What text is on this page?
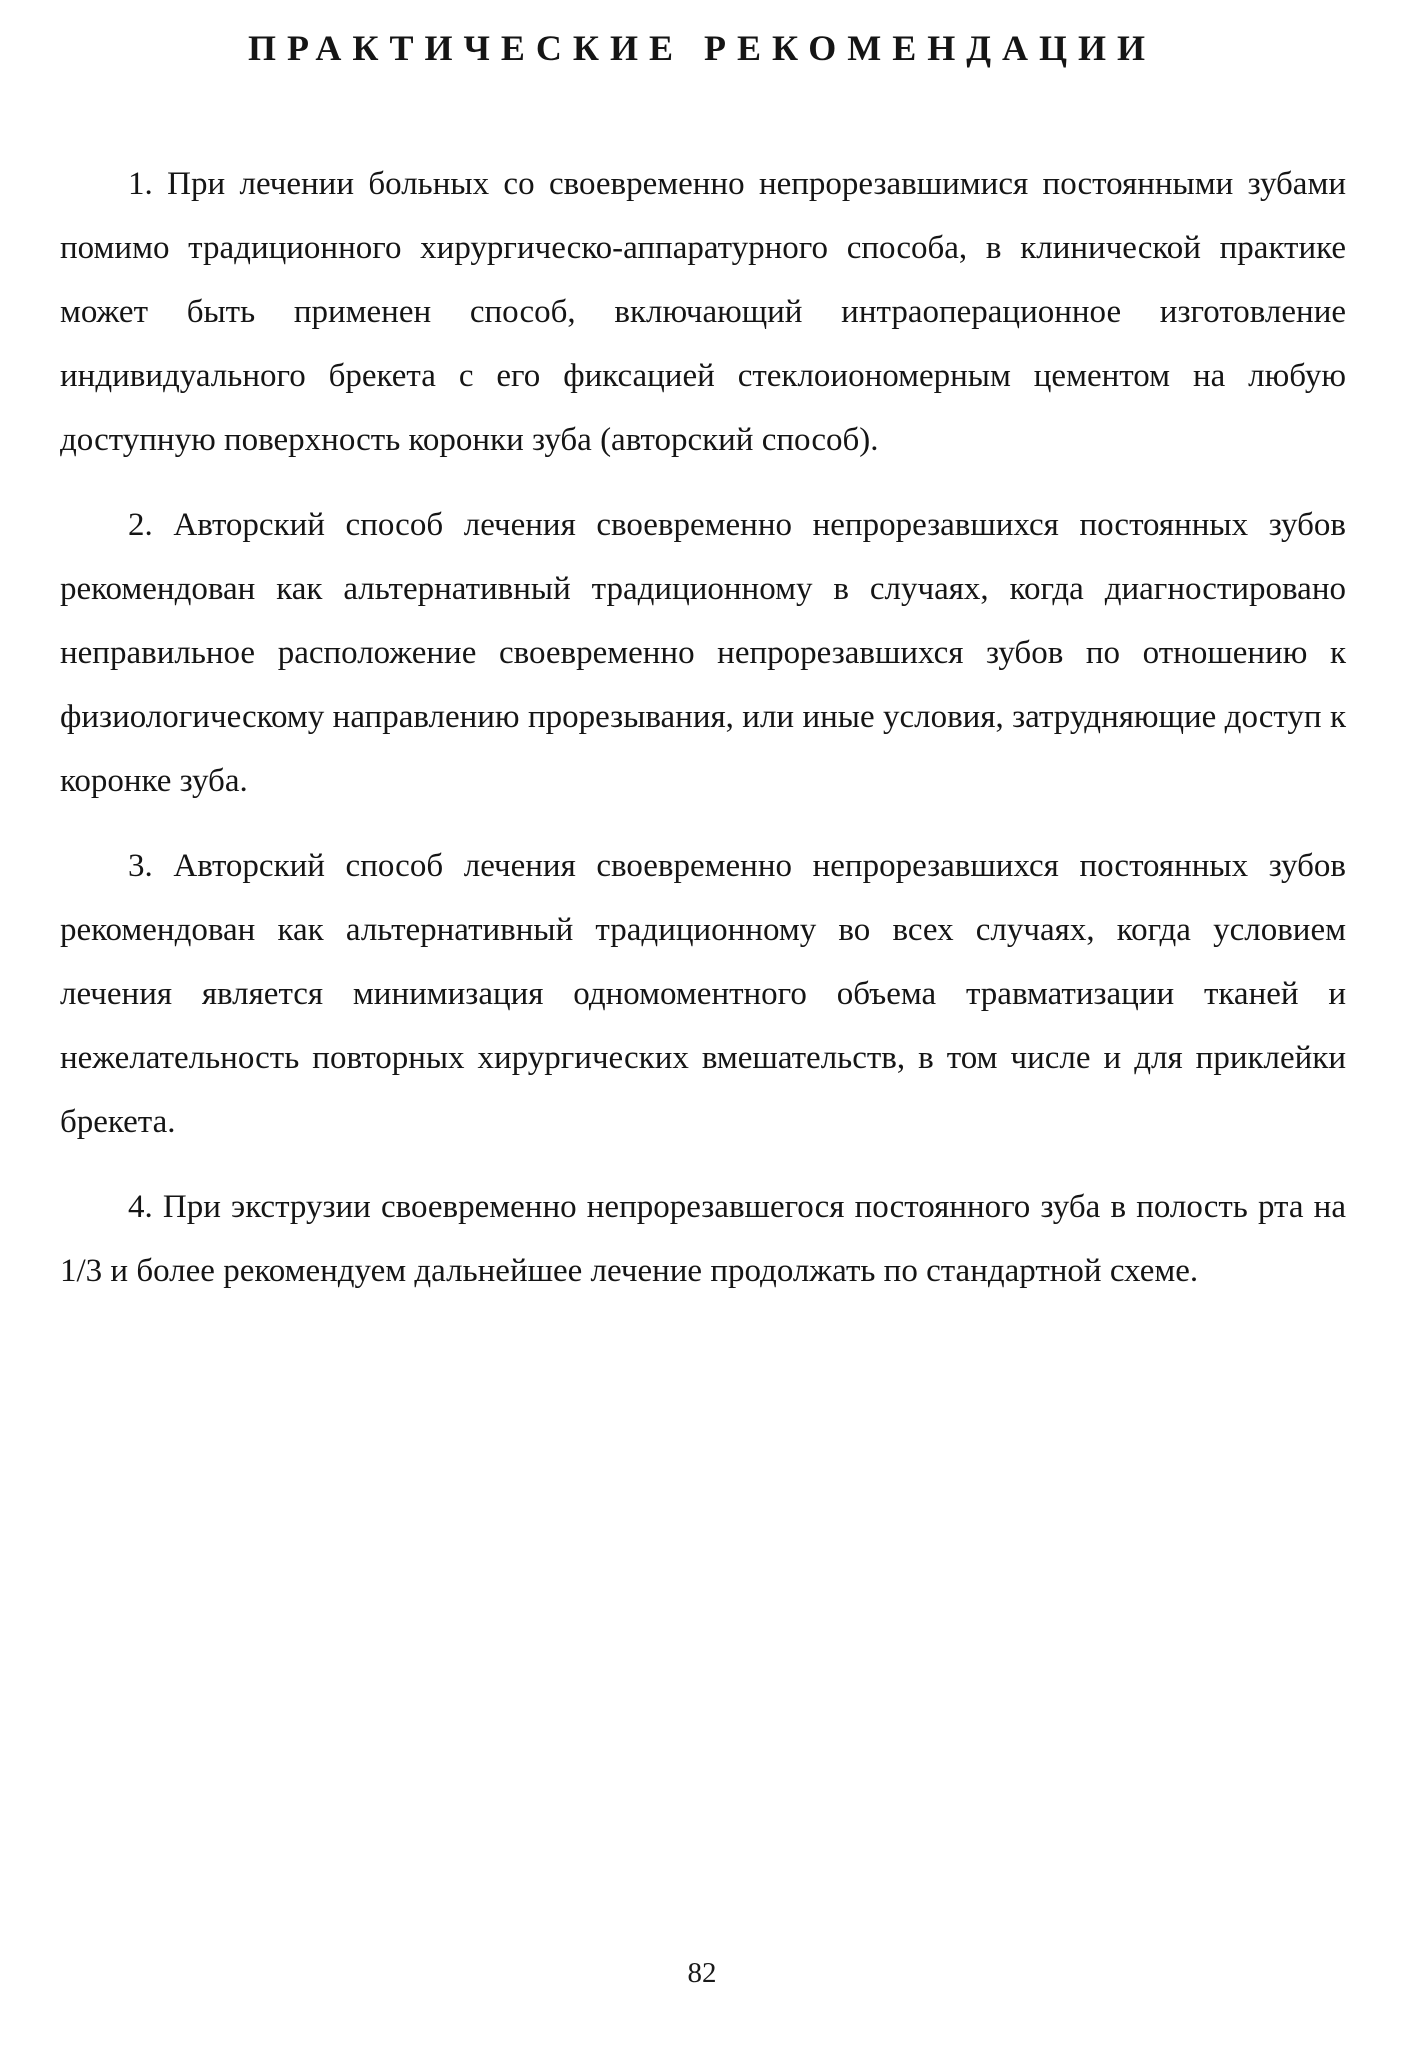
ПРАКТИЧЕСКИЕ РЕКОМЕНДАЦИИ

1. При лечении больных со своевременно непрорезавшимися постоянными зубами помимо традиционного хирургическо-аппаратурного способа, в клинической практике может быть применен способ, включающий интраоперационное изготовление индивидуального брекета с его фиксацией стеклоиономерным цементом на любую доступную поверхность коронки зуба (авторский способ).

2. Авторский способ лечения своевременно непрорезавшихся постоянных зубов рекомендован как альтернативный традиционному в случаях, когда диагностировано неправильное расположение своевременно непрорезавшихся зубов по отношению к физиологическому направлению прорезывания, или иные условия, затрудняющие доступ к коронке зуба.

3. Авторский способ лечения своевременно непрорезавшихся постоянных зубов рекомендован как альтернативный традиционному во всех случаях, когда условием лечения является минимизация одномоментного объема травматизации тканей и нежелательность повторных хирургических вмешательств, в том числе и для приклейки брекета.

4. При экструзии своевременно непрорезавшегося постоянного зуба в полость рта на 1/3 и более рекомендуем дальнейшее лечение продолжать по стандартной схеме.

82
